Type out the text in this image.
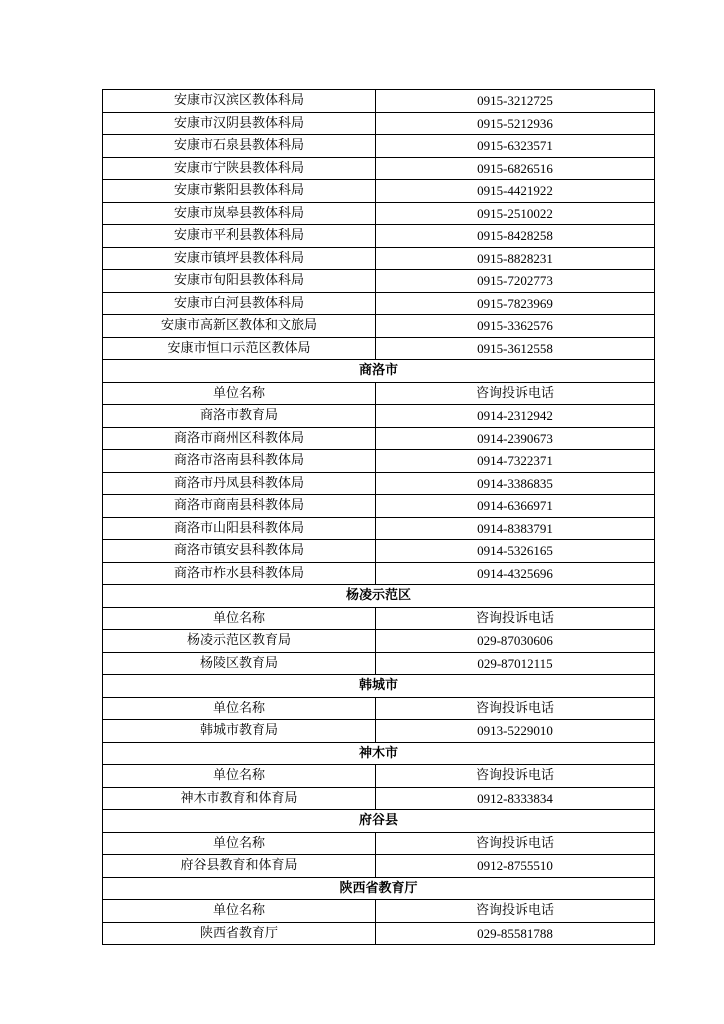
安康市汉滨区教体科局	0915-3212725
安康市汉阴县教体科局	0915-5212936
安康市石泉县教体科局	0915-6323571
安康市宁陕县教体科局	0915-6826516
安康市紫阳县教体科局	0915-4421922
安康市岚皋县教体科局	0915-2510022
安康市平利县教体科局	0915-8428258
安康市镇坪县教体科局	0915-8828231
安康市旬阳县教体科局	0915-7202773
安康市白河县教体科局	0915-7823969
安康市高新区教体和文旅局	0915-3362576
安康市恒口示范区教体局	0915-3612558
商洛市	
单位名称	咨询投诉电话
商洛市教育局	0914-2312942
商洛市商州区科教体局	0914-2390673
商洛市洛南县科教体局	0914-7322371
商洛市丹凤县科教体局	0914-3386835
商洛市商南县科教体局	0914-6366971
商洛市山阳县科教体局	0914-8383791
商洛市镇安县科教体局	0914-5326165
商洛市柞水县科教体局	0914-4325696
杨凌示范区	
单位名称	咨询投诉电话
杨凌示范区教育局	029-87030606
杨陵区教育局	029-87012115
韩城市	
单位名称	咨询投诉电话
韩城市教育局	0913-5229010
神木市	
单位名称	咨询投诉电话
神木市教育和体育局	0912-8333834
府谷县	
单位名称	咨询投诉电话
府谷县教育和体育局	0912-8755510
陕西省教育厅	
单位名称	咨询投诉电话
陕西省教育厅	029-85581788
